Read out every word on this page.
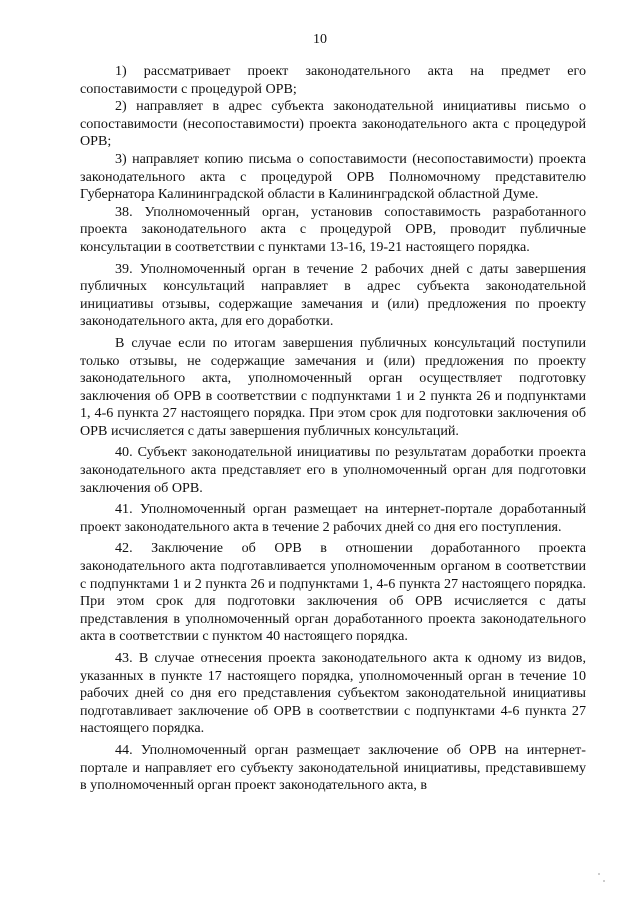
10

1) рассматривает проект законодательного акта на предмет его сопоставимости с процедурой ОРВ;

2) направляет в адрес субъекта законодательной инициативы письмо о сопоставимости (несопоставимости) проекта законодательного акта с процедурой ОРВ;

3) направляет копию письма о сопоставимости (несопоставимости) проекта законодательного акта с процедурой ОРВ Полномочному представителю Губернатора Калининградской области в Калининградской областной Думе.

38. Уполномоченный орган, установив сопоставимость разработанного проекта законодательного акта с процедурой ОРВ, проводит публичные консультации в соответствии с пунктами 13-16, 19-21 настоящего порядка.

39. Уполномоченный орган в течение 2 рабочих дней с даты завершения публичных консультаций направляет в адрес субъекта законодательной инициативы отзывы, содержащие замечания и (или) предложения по проекту законодательного акта, для его доработки.

В случае если по итогам завершения публичных консультаций поступили только отзывы, не содержащие замечания и (или) предложения по проекту законодательного акта, уполномоченный орган осуществляет подготовку заключения об ОРВ в соответствии с подпунктами 1 и 2 пункта 26 и подпунктами 1, 4-6 пункта 27 настоящего порядка. При этом срок для подготовки заключения об ОРВ исчисляется с даты завершения публичных консультаций.

40. Субъект законодательной инициативы по результатам доработки проекта законодательного акта представляет его в уполномоченный орган для подготовки заключения об ОРВ.

41. Уполномоченный орган размещает на интернет-портале доработанный проект законодательного акта в течение 2 рабочих дней со дня его поступления.

42. Заключение об ОРВ в отношении доработанного проекта законодательного акта подготавливается уполномоченным органом в соответствии с подпунктами 1 и 2 пункта 26 и подпунктами 1, 4-6 пункта 27 настоящего порядка. При этом срок для подготовки заключения об ОРВ исчисляется с даты представления в уполномоченный орган доработанного проекта законодательного акта в соответствии с пунктом 40 настоящего порядка.

43. В случае отнесения проекта законодательного акта к одному из видов, указанных в пункте 17 настоящего порядка, уполномоченный орган в течение 10 рабочих дней со дня его представления субъектом законодательной инициативы подготавливает заключение об ОРВ в соответствии с подпунктами 4-6 пункта 27 настоящего порядка.

44. Уполномоченный орган размещает заключение об ОРВ на интернет-портале и направляет его субъекту законодательной инициативы, представившему в уполномоченный орган проект законодательного акта, в
